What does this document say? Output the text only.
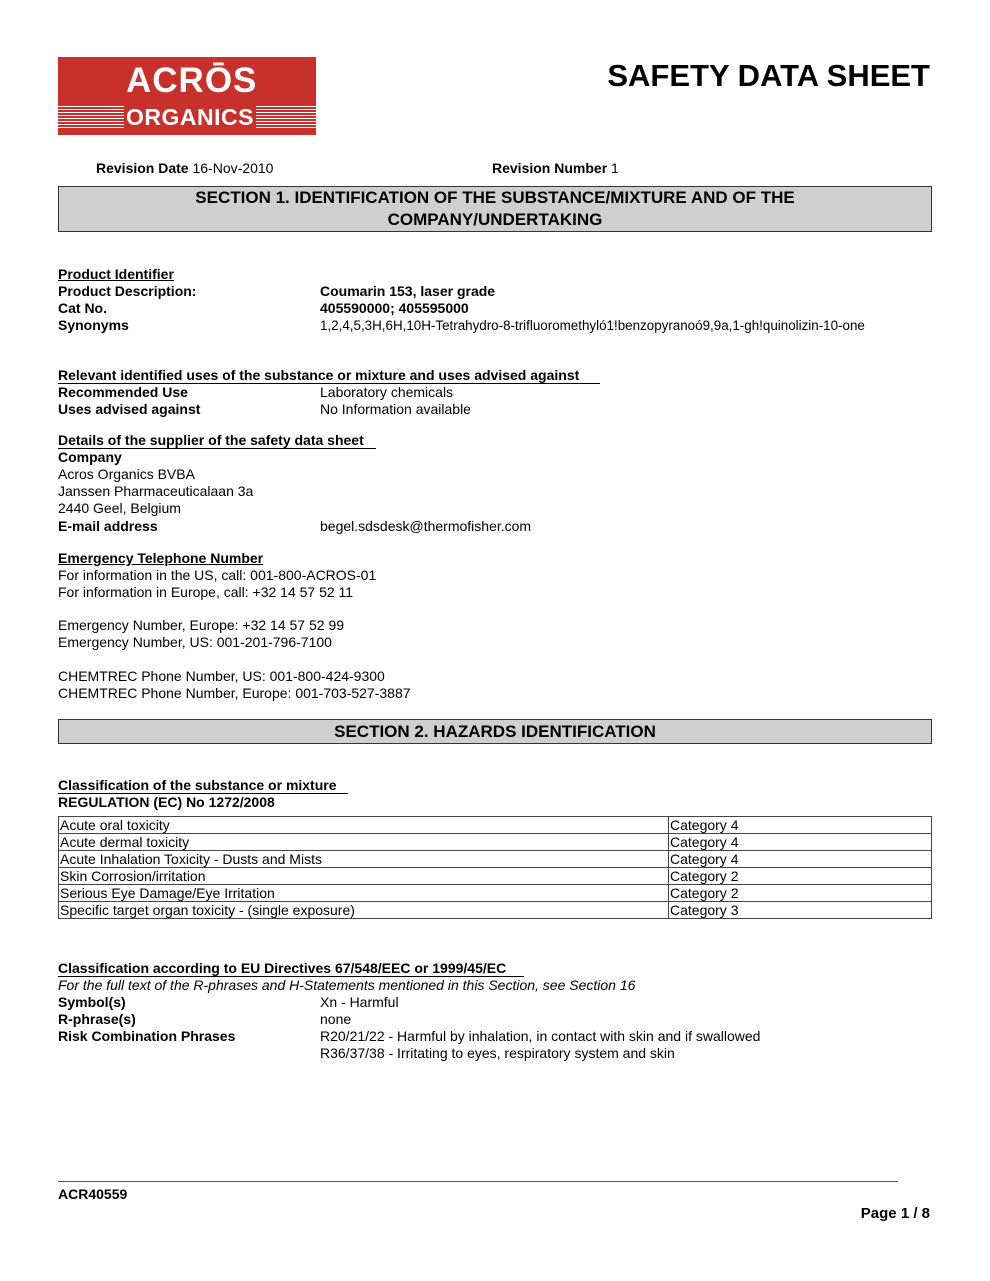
ACRŌS
ORGANICS
SAFETY DATA SHEET
Revision Date 16-Nov-2010	Revision Number 1
SECTION 1. IDENTIFICATION OF THE SUBSTANCE/MIXTURE AND OF THE
COMPANY/UNDERTAKING
Product Identifier
Product Description:	Coumarin 153, laser grade
Cat No.	405590000; 405595000
Synonyms	1,2,4,5,3H,6H,10H-Tetrahydro-8-trifluoromethyló1!benzopyranoó9,9a,1-gh!quinolizin-10-one
Relevant identified uses of the substance or mixture and uses advised against
Recommended Use	Laboratory chemicals
Uses advised against	No Information available
Details of the supplier of the safety data sheet
Company
Acros Organics BVBA
Janssen Pharmaceuticalaan 3a
2440 Geel, Belgium
E-mail address	begel.sdsdesk@thermofisher.com
Emergency Telephone Number
For information in the US, call: 001-800-ACROS-01
For information in Europe, call: +32 14 57 52 11
Emergency Number, Europe: +32 14 57 52 99
Emergency Number, US: 001-201-796-7100
CHEMTREC Phone Number, US: 001-800-424-9300
CHEMTREC Phone Number, Europe: 001-703-527-3887
SECTION 2. HAZARDS IDENTIFICATION
Classification of the substance or mixture
REGULATION (EC) No 1272/2008
Acute oral toxicity	Category 4
Acute dermal toxicity	Category 4
Acute Inhalation Toxicity - Dusts and Mists	Category 4
Skin Corrosion/irritation	Category 2
Serious Eye Damage/Eye Irritation	Category 2
Specific target organ toxicity - (single exposure)	Category 3
Classification according to EU Directives 67/548/EEC or 1999/45/EC
For the full text of the R-phrases and H-Statements mentioned in this Section, see Section 16
Symbol(s)	Xn - Harmful
R-phrase(s)	none
Risk Combination Phrases	R20/21/22 - Harmful by inhalation, in contact with skin and if swallowed
R36/37/38 - Irritating to eyes, respiratory system and skin
ACR40559
Page 1 / 8
